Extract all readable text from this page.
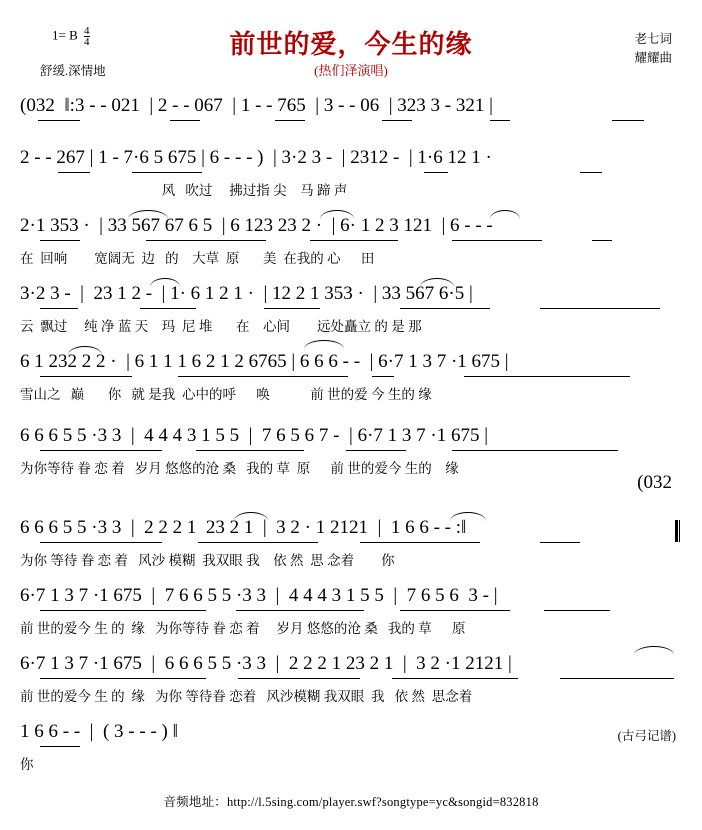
1= B $\frac{4}{4}$
舒缓.深情地
前世的爱，今生的缘
(热们泽演唱)
老七词
耀耀曲
(032  ‖:3 - - 021  | 2 - - 067  | 1 - - 765  | 3 - - 06  | 323 3 - 321 |
2 - - 267 | 1 - 7·6 5 675 | 6 - - - )  | 3·2 3 -  | 2312 -  | 1·6 12 1 ·
风   吹过     拂过指 尖    马 蹄 声
2·1 353 ·  | 33 567 67 6 5  | 6 123 23 2 ·  | 6· 1 2 3 121  | 6 - - -
在  回响        宽阔无  边   的    大草  原       美  在我的 心      田
3·2 3 -  |  23 1 2 -  | 1· 6 1 2 1 ·  | 12 2 1 353 ·  | 33 567 6·5 |
云  飘过     纯 净 蓝 天    玛  尼 堆       在    心间        远处矗立 的 是 那
6 1 232 2 2 ·  | 6 1 1 1 6 2 1 2 6765 | 6 6 6 - -  | 6·7 1 3 7 ·1 675 |
雪山之   巅       你   就 是我  心中的呼      唤            前 世的爱 今 生的 缘
6 6 6 5 5 ·3 3  |  4 4 4 3 1 5 5  |  7 6 5 6 7 -  | 6·7 1 3 7 ·1 675 |
为你等待 眷 恋 着   岁月 悠悠的沧 桑   我的 草  原      前 世的爱今 生的    缘
(032
6 6 6 5 5 ·3 3  |  2 2 2 1  23 2 1  |  3 2 · 1 2121  |  1 6 6 - - :‖
为你 等待 眷 恋 着   风沙 模糊  我双眼 我    依 然  思 念着        你
6·7 1 3 7 ·1 675  |  7 6 6 5 5 ·3 3  |  4 4 4 3 1 5 5  |  7 6 5 6  3 - |
前 世的爱今 生 的  缘   为你等待 眷 恋 着     岁月 悠悠的沧 桑   我的 草      原
6·7 1 3 7 ·1 675  |  6 6 6 5 5 ·3 3  |  2 2 2 1 23 2 1  |  3 2 ·1 2121 |
前 世的爱今 生 的  缘   为你 等待眷 恋着   风沙模糊 我双眼  我   依 然  思念着
1 6 6 - -  |  ( 3 - - - ) ‖
你
(古弓记谱)
音频地址：http://l.5sing.com/player.swf?songtype=yc&songid=832818
